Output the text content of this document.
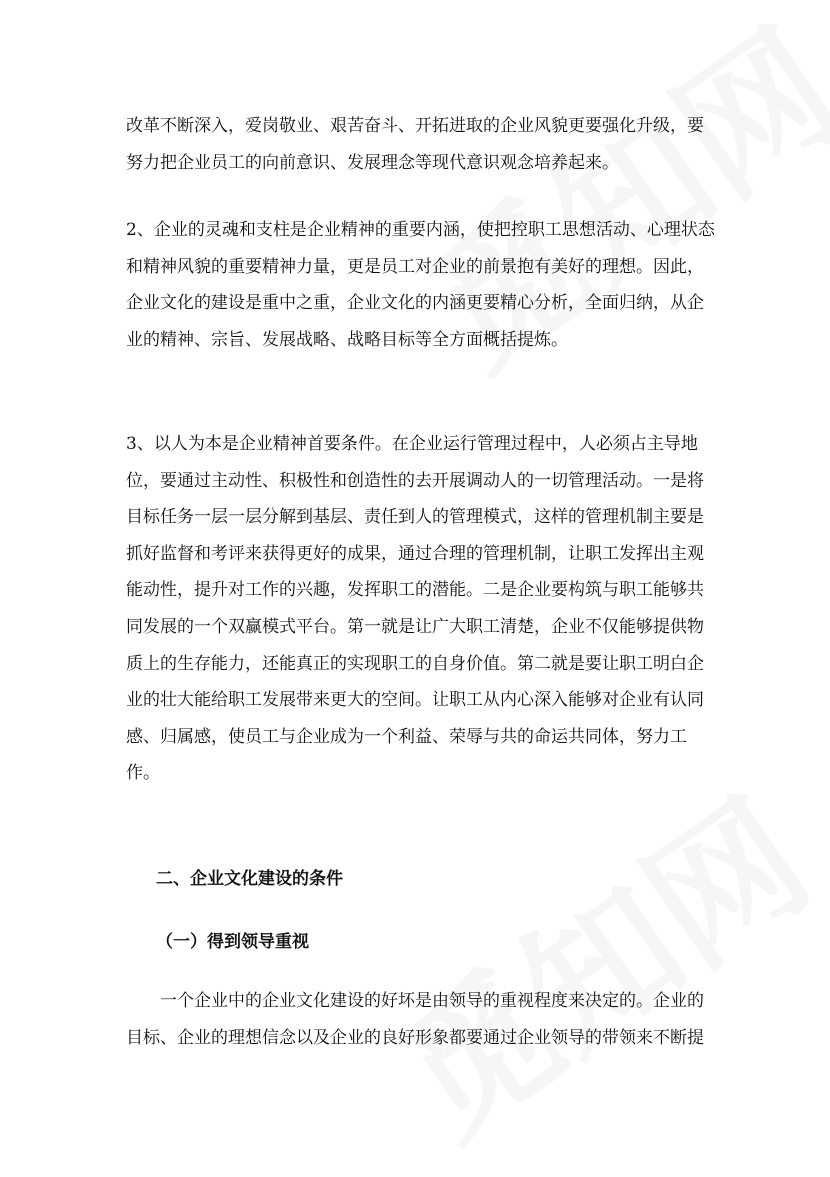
改革不断深入，爱岗敬业、艰苦奋斗、开拓进取的企业风貌更要强化升级，要努力把企业员工的向前意识、发展理念等现代意识观念培养起来。

2、企业的灵魂和支柱是企业精神的重要内涵，使把控职工思想活动、心理状态和精神风貌的重要精神力量，更是员工对企业的前景抱有美好的理想。因此，企业文化的建设是重中之重，企业文化的内涵更要精心分析，全面归纳，从企业的精神、宗旨、发展战略、战略目标等全方面概括提炼。

3、以人为本是企业精神首要条件。在企业运行管理过程中，人必须占主导地位，要通过主动性、积极性和创造性的去开展调动人的一切管理活动。一是将目标任务一层一层分解到基层、责任到人的管理模式，这样的管理机制主要是抓好监督和考评来获得更好的成果，通过合理的管理机制，让职工发挥出主观能动性，提升对工作的兴趣，发挥职工的潜能。二是企业要构筑与职工能够共同发展的一个双赢模式平台。第一就是让广大职工清楚，企业不仅能够提供物质上的生存能力，还能真正的实现职工的自身价值。第二就是要让职工明白企业的壮大能给职工发展带来更大的空间。让职工从内心深入能够对企业有认同感、归属感，使员工与企业成为一个利益、荣辱与共的命运共同体，努力工作。

二、企业文化建设的条件
（一）得到领导重视

一个企业中的企业文化建设的好坏是由领导的重视程度来决定的。企业的目标、企业的理想信念以及企业的良好形象都要通过企业领导的带领来不断提
